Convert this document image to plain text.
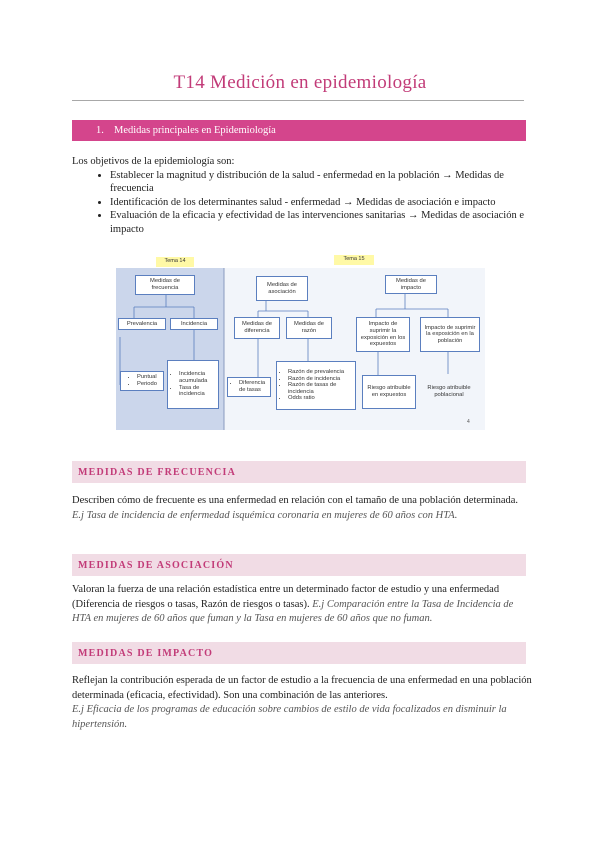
T14 Medición en epidemiología
1. Medidas principales en Epidemiología
Los objetivos de la epidemiología son:
• Establecer la magnitud y distribución de la salud - enfermedad en la población → Medidas de frecuencia
• Identificación de los determinantes salud - enfermedad → Medidas de asociación e impacto
• Evaluación de la eficacia y efectividad de las intervenciones sanitarias → Medidas de asociación e impacto
Tema 14	Tema 15
Medidas de frecuencia
Prevalencia	Incidencia
• Puntual
• Periodo
• Incidencia acumulada
• Tasa de incidencia
Medidas de asociación
Medidas de diferencia
Medidas de razón
• Diferencia de tasas
• Razón de prevalencia
• Razón de incidencia
• Razón de tasas de incidencia
• Odds ratio
Medidas de impacto
Impacto de suprimir la exposición en los expuestos
Impacto de suprimir la exposición en la población
Riesgo atribuible en expuestos
Riesgo atribuible poblacional
4
MEDIDAS DE FRECUENCIA
Describen cómo de frecuente es una enfermedad en relación con el tamaño de una población determinada. E.j Tasa de incidencia de enfermedad isquémica coronaria en mujeres de 60 años con HTA.
MEDIDAS DE ASOCIACIÓN
Valoran la fuerza de una relación estadística entre un determinado factor de estudio y una enfermedad (Diferencia de riesgos o tasas, Razón de riesgos o tasas). E.j Comparación entre la Tasa de Incidencia de HTA en mujeres de 60 años que fuman y la Tasa en mujeres de 60 años que no fuman.
MEDIDAS DE IMPACTO
Reflejan la contribución esperada de un factor de estudio a la frecuencia de una enfermedad en una población determinada (eficacia, efectividad). Son una combinación de las anteriores.
E.j Eficacia de los programas de educación sobre cambios de estilo de vida focalizados en disminuir la hipertensión.
